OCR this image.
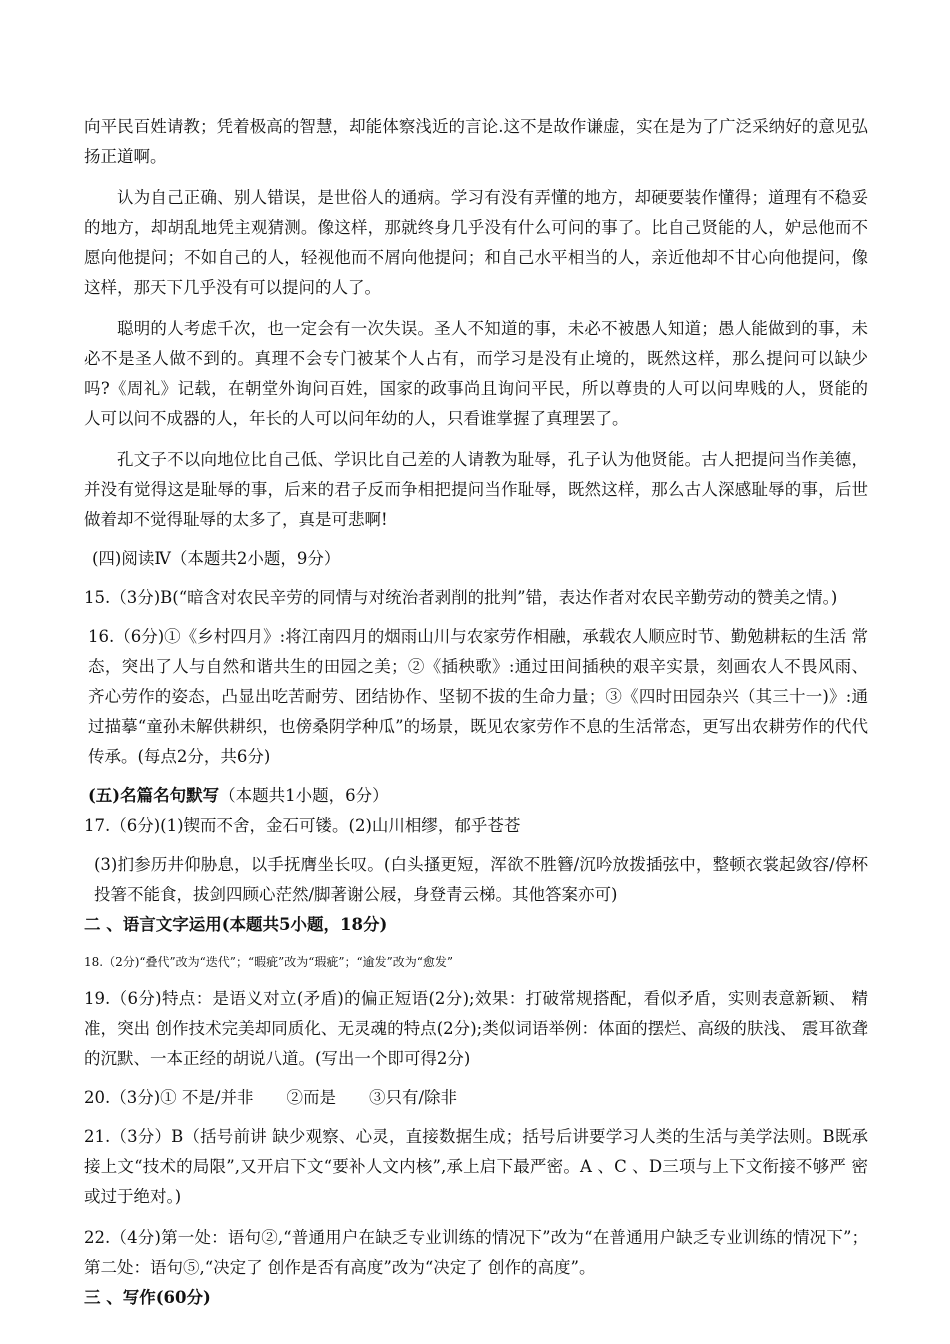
向平民百姓请教；凭着极高的智慧，却能体察浅近的言论.这不是故作谦虚，实在是为了广泛采纳好的意见弘扬正道啊。

认为自己正确、别人错误，是世俗人的通病。学习有没有弄懂的地方，却硬要装作懂得；道理有不稳妥的地方，却胡乱地凭主观猜测。像这样，那就终身几乎没有什么可问的事了。比自己贤能的人，妒忌他而不愿向他提问；不如自己的人，轻视他而不屑向他提问；和自己水平相当的人，亲近他却不甘心向他提问，像这样，那天下几乎没有可以提问的人了。

聪明的人考虑千次，也一定会有一次失误。圣人不知道的事，未必不被愚人知道；愚人能做到的事，未必不是圣人做不到的。真理不会专门被某个人占有，而学习是没有止境的，既然这样，那么提问可以缺少吗?《周礼》记载，在朝堂外询问百姓，国家的政事尚且询问平民，所以尊贵的人可以问卑贱的人，贤能的人可以问不成器的人，年长的人可以问年幼的人，只看谁掌握了真理罢了。

孔文子不以向地位比自己低、学识比自己差的人请教为耻辱，孔子认为他贤能。古人把提问当作美德，并没有觉得这是耻辱的事，后来的君子反而争相把提问当作耻辱，既然这样，那么古人深感耻辱的事，后世做着却不觉得耻辱的太多了，真是可悲啊!

(四)阅读Ⅳ（本题共2小题，9分）

15.（3分)B(“暗含对农民辛劳的同情与对统治者剥削的批判”错，表达作者对农民辛勤劳动的赞美之情。)

16.（6分)①《乡村四月》:将江南四月的烟雨山川与农家劳作相融，承载农人顺应时节、勤勉耕耘的生活 常态，突出了人与自然和谐共生的田园之美；②《插秧歌》:通过田间插秧的艰辛实景，刻画农人不畏风雨、 齐心劳作的姿态，凸显出吃苦耐劳、团结协作、坚韧不拔的生命力量；③《四时田园杂兴（其三十一)》:通 过描摹“童孙未解供耕织，也傍桑阴学种瓜”的场景，既见农家劳作不息的生活常态，更写出农耕劳作的代代 传承。(每点2分，共6分)

(五)名篇名句默写（本题共1小题，6分）

17.（6分)(1)锲而不舍，金石可镂。(2)山川相缪，郁乎苍苍

(3)扪参历井仰胁息，以手抚膺坐长叹。(白头搔更短，浑欲不胜簪/沉吟放拨插弦中，整顿衣裳起敛容/停杯投箸不能食，拔剑四顾心茫然/脚著谢公屐，身登青云梯。其他答案亦可)

二 、语言文字运用(本题共5小题，18分)

18.（2分)“叠代”改为“迭代”；“暇疵”改为“瑕疵”；“逾发”改为“愈发”

19.（6分)特点：是语义对立(矛盾)的偏正短语(2分);效果：打破常规搭配，看似矛盾，实则表意新颖、 精准，突出 创作技术完美却同质化、无灵魂的特点(2分);类似词语举例：体面的摆烂、高级的肤浅、 震耳欲聋的沉默、一本正经的胡说八道。(写出一个即可得2分)

20.（3分)① 不是/并非　　②而是　　③只有/除非

21.（3分）B（括号前讲 缺少观察、心灵，直接数据生成；括号后讲要学习人类的生活与美学法则。B既承接上文“技术的局限”,又开启下文“要补人文内核”,承上启下最严密。A 、C 、D三项与上下文衔接不够严 密或过于绝对。)

22.（4分)第一处：语句②,“普通用户在缺乏专业训练的情况下”改为“在普通用户缺乏专业训练的情况下”；第二处：语句⑤,“决定了 创作是否有高度”改为“决定了 创作的高度”。

三 、写作(60分)
